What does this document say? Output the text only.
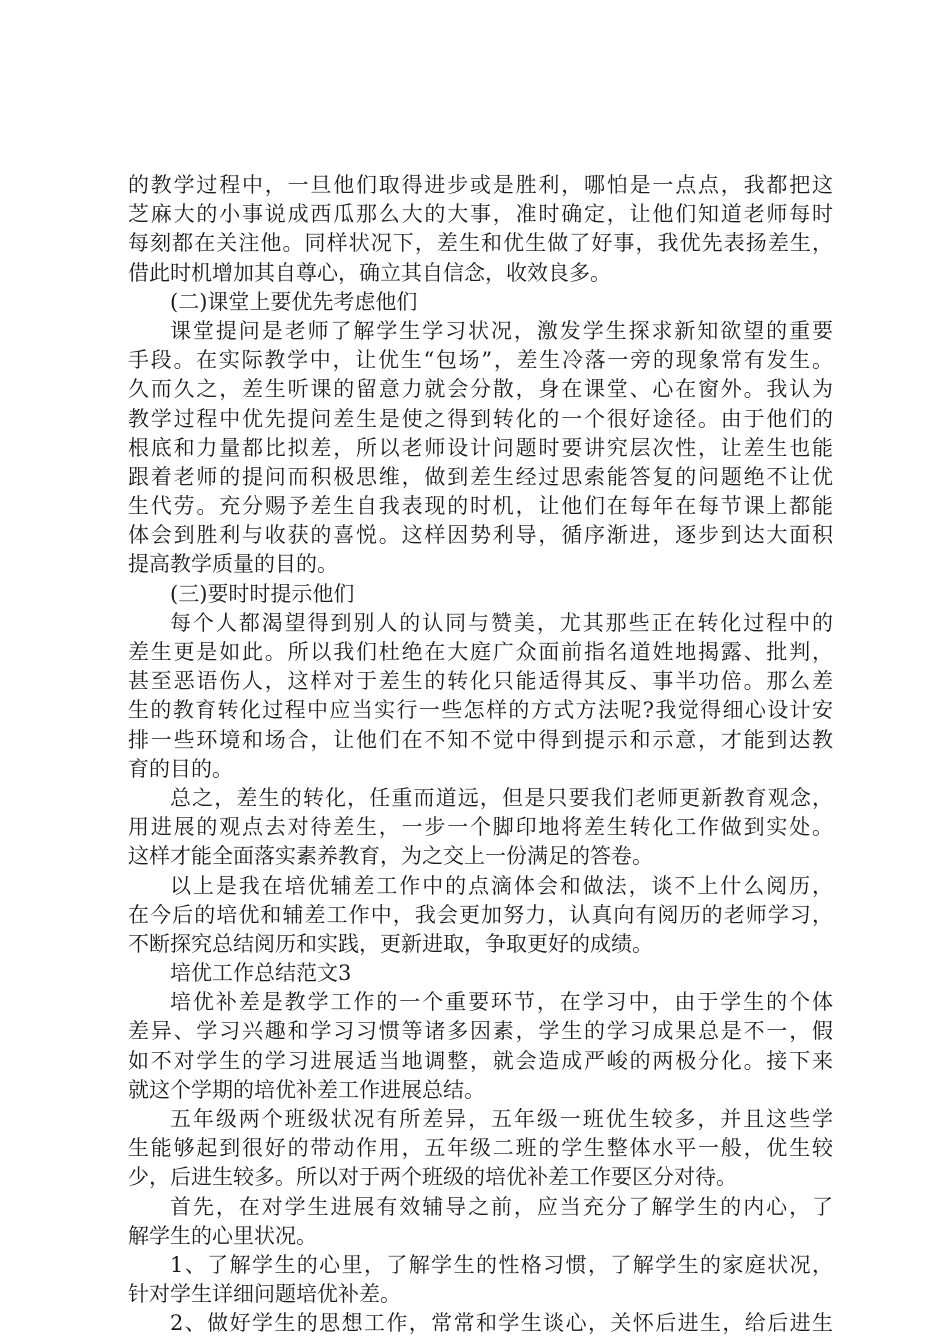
的教学过程中，一旦他们取得进步或是胜利，哪怕是一点点，我都把这
芝麻大的小事说成西瓜那么大的大事，准时确定，让他们知道老师每时
每刻都在关注他。同样状况下，差生和优生做了好事，我优先表扬差生，
借此时机增加其自尊心，确立其自信念，收效良多。
(二)课堂上要优先考虑他们
课堂提问是老师了解学生学习状况，激发学生探求新知欲望的重要
手段。在实际教学中，让优生“包场”，差生冷落一旁的现象常有发生。
久而久之，差生听课的留意力就会分散，身在课堂、心在窗外。我认为
教学过程中优先提问差生是使之得到转化的一个很好途径。由于他们的
根底和力量都比拟差，所以老师设计问题时要讲究层次性，让差生也能
跟着老师的提问而积极思维，做到差生经过思索能答复的问题绝不让优
生代劳。充分赐予差生自我表现的时机，让他们在每年在每节课上都能
体会到胜利与收获的喜悦。这样因势利导，循序渐进，逐步到达大面积
提高教学质量的目的。
(三)要时时提示他们
每个人都渴望得到别人的认同与赞美，尤其那些正在转化过程中的
差生更是如此。所以我们杜绝在大庭广众面前指名道姓地揭露、批判，
甚至恶语伤人，这样对于差生的转化只能适得其反、事半功倍。那么差
生的教育转化过程中应当实行一些怎样的方式方法呢?我觉得细心设计安
排一些环境和场合，让他们在不知不觉中得到提示和示意，才能到达教
育的目的。
总之，差生的转化，任重而道远，但是只要我们老师更新教育观念，
用进展的观点去对待差生，一步一个脚印地将差生转化工作做到实处。
这样才能全面落实素养教育，为之交上一份满足的答卷。
以上是我在培优辅差工作中的点滴体会和做法，谈不上什么阅历，
在今后的培优和辅差工作中，我会更加努力，认真向有阅历的老师学习，
不断探究总结阅历和实践，更新进取，争取更好的成绩。
培优工作总结范文3
培优补差是教学工作的一个重要环节，在学习中，由于学生的个体
差异、学习兴趣和学习习惯等诸多因素，学生的学习成果总是不一，假
如不对学生的学习进展适当地调整，就会造成严峻的两极分化。接下来
就这个学期的培优补差工作进展总结。
五年级两个班级状况有所差异，五年级一班优生较多，并且这些学
生能够起到很好的带动作用，五年级二班的学生整体水平一般，优生较
少，后进生较多。所以对于两个班级的培优补差工作要区分对待。
首先，在对学生进展有效辅导之前，应当充分了解学生的内心，了
解学生的心里状况。
1、了解学生的心里，了解学生的性格习惯，了解学生的家庭状况，
针对学生详细问题培优补差。
2、做好学生的思想工作，常常和学生谈心，关怀后进生，给后进生
